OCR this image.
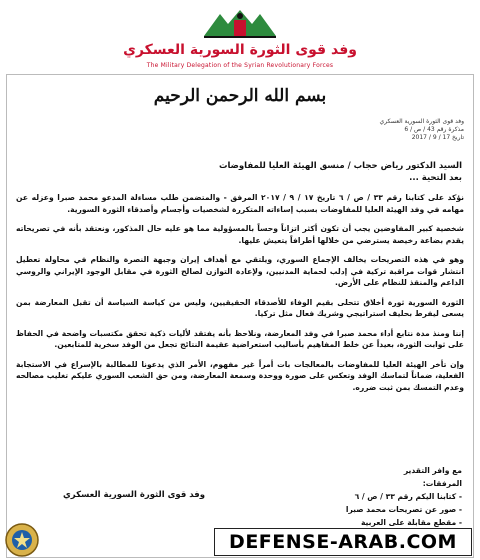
وفد قوى الثورة السورية العسكري
The Military Delegation of the Syrian Revolutionary Forces
بسم الله الرحمن الرحيم
وفد قوى الثورة السورية العسكري
مذكرة رقم 43 / ص / 6
تاريخ 17 / 9 / 2017
السيد الدكتور رياض حجاب / منسق الهيئة العليا للمفاوضات
بعد التحية ...

نؤكد على كتابنا رقم ٣٣ / ص / ٦ تاريخ ١٧ / ٩ / ٢٠١٧ المرفق - والمتضمن طلب مساءلة المدعو محمد صبرا وعزله عن مهامه في وفد الهيئة العليا للمفاوضات بسبب إساءاته المتكررة لشخصيات وأجسام وأصدقاء الثورة السورية.

شخصية كبير المفاوضين يجب أن تكون أكثر اتزاناً وحساً بالمسؤولية مما هو عليه حال المذكور، ونعتقد بأنه في تصريحاته يقدم بضاعة رخيصة يسترضي من خلالها أطرافاً يتعيش عليها.

وهو في هذه التصريحات يخالف الإجماع السوري، ويلتقي مع أهداف إيران وجبهة النصرة والنظام في محاولة تعطيل انتشار قوات مراقبة تركية في إدلب لحماية المدنيين، ولإعادة التوازن لصالح الثورة في مقابل الوجود الإيراني والروسي الداعم والمنقذ للنظام على الأرض.

الثورة السورية ثورة أخلاق تتحلى بقيم الوفاء للأصدقاء الحقيقيين، وليس من كياسة السياسة أن تقبل المعارضة بمن يسعى ليفرط بحليف استراتيجي وشريك فعال مثل تركيا.

إننا ومنذ مدة نتابع أداء محمد صبرا في وفد المعارضة، ونلاحظ بأنه يفتقد لأليات ذكية تحقق مكتسبات واضحة في الحفاظ على ثوابت الثورة، بعيداً عن خلط المفاهيم بأساليب استعراضية عقيمة النتائج تجعل من الوفد سخرية للمتابعين.

وإن تأخر الهيئة العليا للمفاوضات بالمعالجات بات أمراً غير مفهوم، الأمر الذي يدعونا للمطالبة بالإسراع في الاستجابة الفعلية، ضماناً لتماسك الوفد وتعكس على صورة ووحدة وسمعة المعارضة، ومن حق الشعب السوري عليكم تغليب مصالحه وعدم التمسك بمن ثبت ضرره.

مع وافر التقدير
المرفقات:
- كتابنا اليكم رقم ٣٣ / ص / ٦
- صور عن تصريحات محمد صبرا
- مقطع مقابلة على العربية
وفد قوى الثورة السورية العسكري
DEFENSE-ARAB.COM
